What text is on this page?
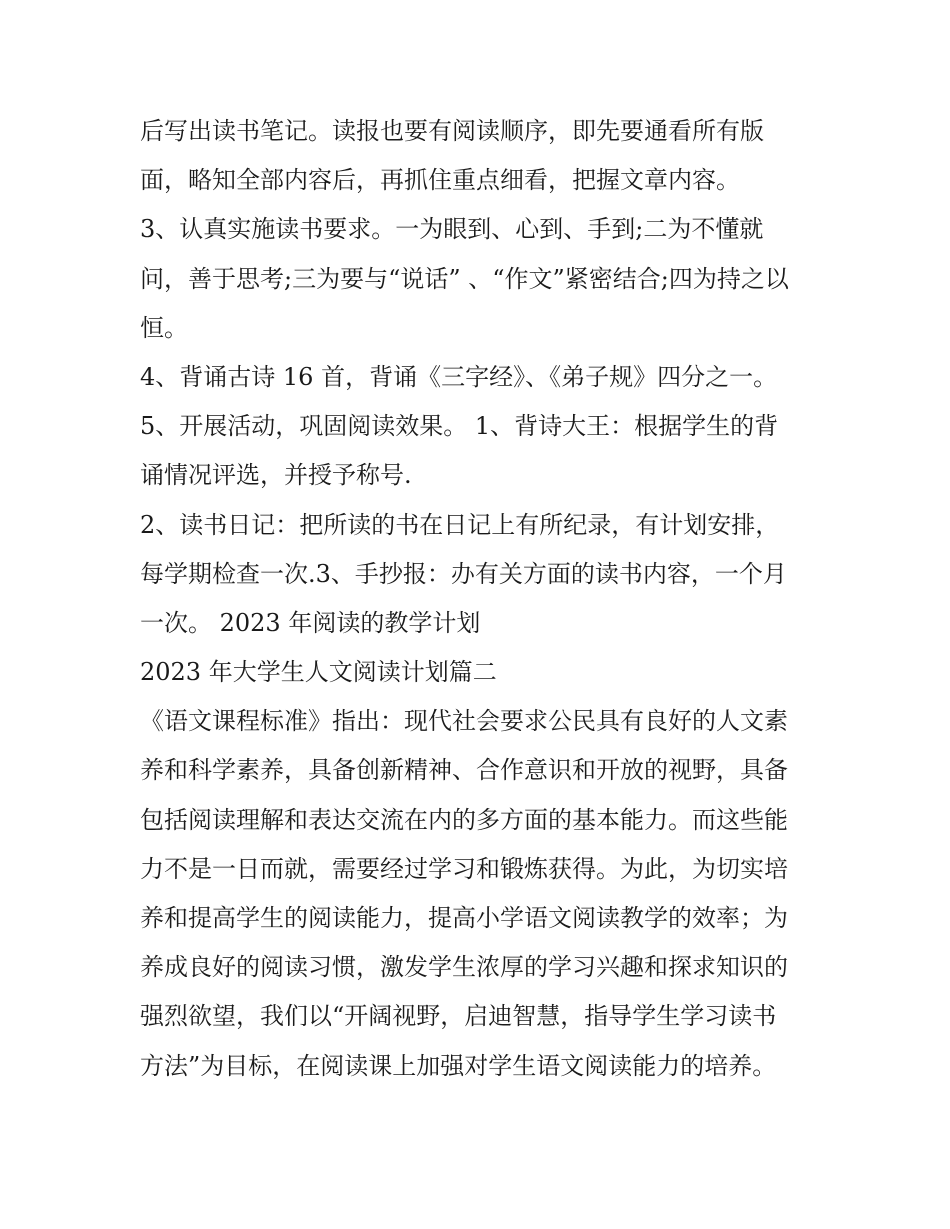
后写出读书笔记。读报也要有阅读顺序，即先要通看所有版
面，略知全部内容后，再抓住重点细看，把握文章内容。
3、认真实施读书要求。一为眼到、心到、手到;二为不懂就
问，善于思考;三为要与“说话” 、“作文”紧密结合;四为持之以
恒。
4、背诵古诗 16 首，背诵《三字经》、《弟子规》四分之一。
5、开展活动，巩固阅读效果。 1、背诗大王：根据学生的背
诵情况评选，并授予称号.
2、读书日记：把所读的书在日记上有所纪录，有计划安排，
每学期检查一次.3、手抄报：办有关方面的读书内容，一个月
一次。 2023 年阅读的教学计划
2023 年大学生人文阅读计划篇二
《语文课程标准》指出：现代社会要求公民具有良好的人文素
养和科学素养，具备创新精神、合作意识和开放的视野，具备
包括阅读理解和表达交流在内的多方面的基本能力。而这些能
力不是一日而就，需要经过学习和锻炼获得。为此，为切实培
养和提高学生的阅读能力，提高小学语文阅读教学的效率；为
养成良好的阅读习惯，激发学生浓厚的学习兴趣和探求知识的
强烈欲望，我们以“开阔视野，启迪智慧，指导学生学习读书
方法”为目标，在阅读课上加强对学生语文阅读能力的培养。
